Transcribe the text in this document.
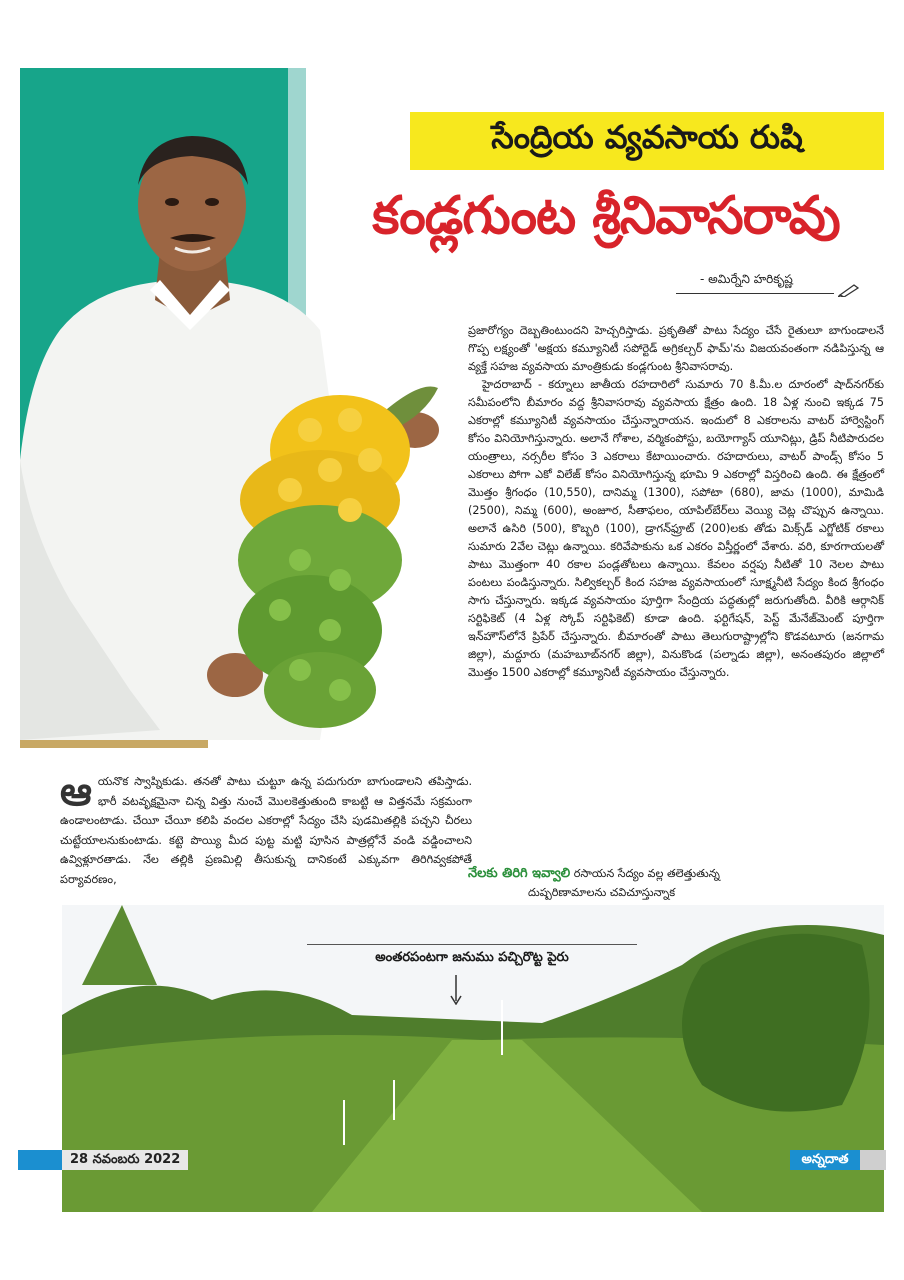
సేంద్రియ వ్యవసాయ రుషి
కండ్లగుంట శ్రీనివాసరావు
- అమిర్నేని హరికృష్ణ

ప్రజారోగ్యం దెబ్బతింటుందని హెచ్చరిస్తాడు. ప్రకృతితో పాటు సేద్యం చేసే రైతులూ బాగుండాలనే గొప్ప లక్ష్యంతో 'అక్షయ కమ్యూనిటీ సపోర్టెడ్ అగ్రికల్చర్ ఫామ్'ను విజయవంతంగా నడిపిస్తున్న ఆ వ్యక్తే సహజ వ్యవసాయ మాంత్రికుడు కండ్లగుంట శ్రీనివాసరావు.

హైదరాబాద్ - కర్నూలు జాతీయ రహదారిలో సుమారు 70 కి.మీ.ల దూరంలో షాద్‌నగర్‌కు సమీపంలోని బీమారం వద్ద శ్రీనివాసరావు వ్యవసాయ క్షేత్రం ఉంది. 18 ఏళ్ల నుంచి ఇక్కడ 75 ఎకరాల్లో కమ్యూనిటీ వ్యవసాయం చేస్తున్నారాయన. ఇందులో 8 ఎకరాలను వాటర్ హార్వెస్టింగ్ కోసం వినియోగిస్తున్నారు. అలానే గోశాల, వర్మికంపోస్టు, బయోగ్యాస్ యూనిట్లు, డ్రిప్ నీటిపారుదల యంత్రాలు, నర్సరీల కోసం 3 ఎకరాలు కేటాయించారు. రహదారులు, వాటర్ పాండ్స్ కోసం 5 ఎకరాలు పోగా ఎకో విలేజ్ కోసం వినియోగిస్తున్న భూమి 9 ఎకరాల్లో విస్తరించి ఉంది. ఈ క్షేత్రంలో మొత్తం శ్రీగంధం (10,550), దానిమ్మ (1300), సపోటా (680), జామ (1000), మామిడి (2500), నిమ్మ (600), అంజూర, సీతాఫలం, యాపిల్‌బేర్‌లు వెయ్యి చెట్ల చొప్పున ఉన్నాయి. అలానే ఉసిరి (500), కొబ్బరి (100), డ్రాగన్‌ఫ్రూట్ (200)లకు తోడు మిక్స్‌డ్ ఎగ్జోటిక్ రకాలు సుమారు 2వేల చెట్లు ఉన్నాయి. కరివేపాకును ఒక ఎకరం విస్తీర్ణంలో వేశారు. వరి, కూరగాయలతో పాటు మొత్తంగా 40 రకాల పండ్లతోటలు ఉన్నాయి. కేవలం వర్షపు నీటితో 10 నెలల పాటు పంటలు పండిస్తున్నారు. సిల్వికల్చర్ కింద సహజ వ్యవసాయంలో సూక్ష్మనీటి సేద్యం కింద శ్రీగంధం సాగు చేస్తున్నారు. ఇక్కడ వ్యవసాయం పూర్తిగా సేంద్రియ పద్ధతుల్లో జరుగుతోంది. వీరికి ఆర్గానిక్ సర్టిఫికెట్ (4 ఏళ్ల స్కోప్ సర్టిఫికెట్) కూడా ఉంది. ఫర్టిగేషన్, పెస్ట్ మేనేజ్‌మెంట్ పూర్తిగా ఇన్‌హౌస్‌లోనే ప్రిపేర్ చేస్తున్నారు. బీమారంతో పాటు తెలుగురాష్ట్రాల్లోని కొడవటూరు (జనగామ జిల్లా), మద్దూరు (మహబూబ్‌నగర్ జిల్లా), వినుకొండ (పల్నాడు జిల్లా), అనంతపురం జిల్లాలో మొత్తం 1500 ఎకరాల్లో కమ్యూనిటీ వ్యవసాయం చేస్తున్నారు.

నేలకు తిరిగి ఇవ్వాలి రసాయన సేద్యం వల్ల తలెత్తుతున్న
దుష్పరిణామాలను చవిచూస్తున్నాక
ఆయనొక స్వాప్నికుడు. తనతో పాటు చుట్టూ ఉన్న పదుగురూ బాగుండాలని తపిస్తాడు. భారీ వటవృక్షమైనా చిన్న విత్తు నుంచే మొలకెత్తుతుంది కాబట్టి ఆ విత్తనమే సక్రమంగా ఉండాలంటాడు. చేయీ చేయీ కలిపి వందల ఎకరాల్లో సేద్యం చేసి పుడమితల్లికి పచ్చని చీరలు చుట్టేయాలనుకుంటాడు. కట్టె పొయ్యి మీద పుట్ట మట్టి పూసిన పాత్రల్లోనే వండి వడ్డించాలని ఉవ్విళ్లూరతాడు. నేల తల్లికి ప్రణమిల్లి తీసుకున్న దానికంటే ఎక్కువగా తిరిగివ్వకపోతే పర్యావరణం,
అంతరపంటగా జనుము పచ్చిరొట్ట పైరు
28 నవంబరు 2022	అన్నదాత
